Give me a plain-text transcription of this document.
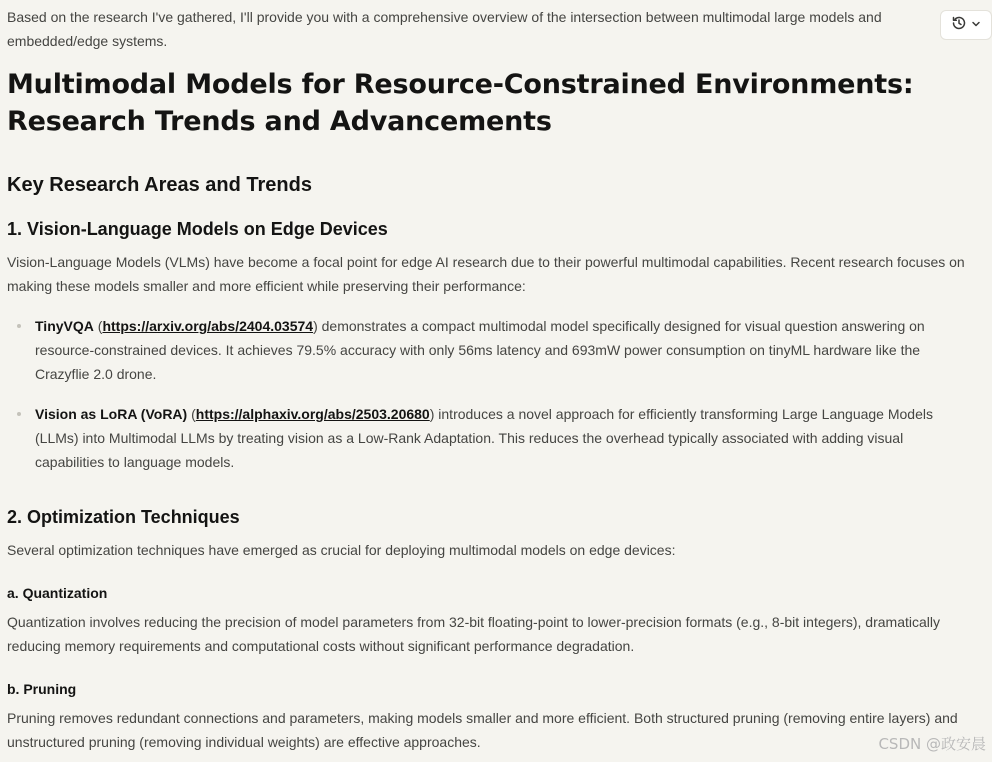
Based on the research I've gathered, I'll provide you with a comprehensive overview of the intersection between multimodal large models and embedded/edge systems.
Multimodal Models for Resource-Constrained Environments: Research Trends and Advancements
Key Research Areas and Trends
1. Vision-Language Models on Edge Devices

Vision-Language Models (VLMs) have become a focal point for edge AI research due to their powerful multimodal capabilities. Recent research focuses on making these models smaller and more efficient while preserving their performance:

TinyVQA (https://arxiv.org/abs/2404.03574) demonstrates a compact multimodal model specifically designed for visual question answering on resource-constrained devices. It achieves 79.5% accuracy with only 56ms latency and 693mW power consumption on tinyML hardware like the Crazyflie 2.0 drone.
Vision as LoRA (VoRA) (https://alphaxiv.org/abs/2503.20680) introduces a novel approach for efficiently transforming Large Language Models (LLMs) into Multimodal LLMs by treating vision as a Low-Rank Adaptation. This reduces the overhead typically associated with adding visual capabilities to language models.
2. Optimization Techniques

Several optimization techniques have emerged as crucial for deploying multimodal models on edge devices:

a. Quantization

Quantization involves reducing the precision of model parameters from 32-bit floating-point to lower-precision formats (e.g., 8-bit integers), dramatically reducing memory requirements and computational costs without significant performance degradation.

b. Pruning

Pruning removes redundant connections and parameters, making models smaller and more efficient. Both structured pruning (removing entire layers) and unstructured pruning (removing individual weights) are effective approaches.	CSDN @政安晨
